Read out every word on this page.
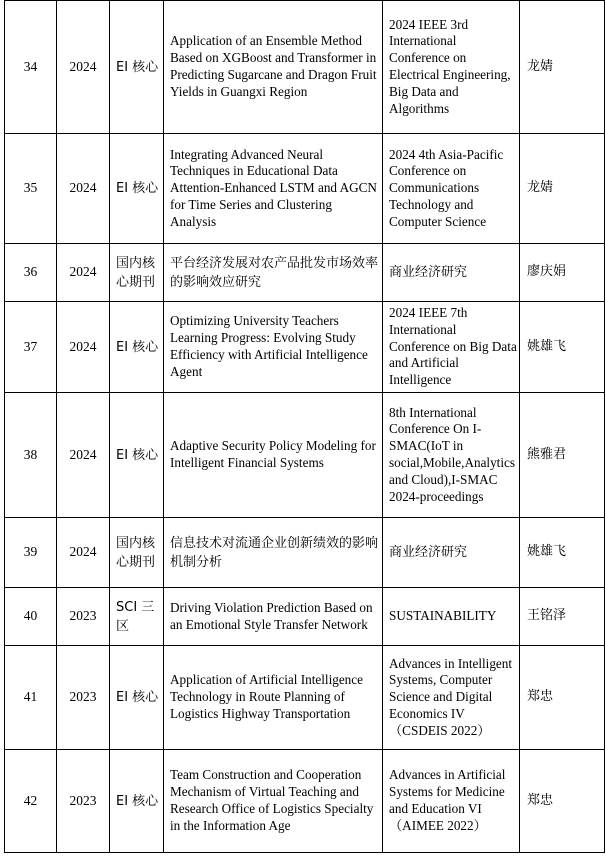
34	2024	EI 核心	Application of an Ensemble Method Based on XGBoost and Transformer in Predicting Sugarcane and Dragon Fruit Yields in Guangxi Region	2024 IEEE 3rd International Conference on Electrical Engineering, Big Data and Algorithms	龙婧
35	2024	EI 核心	Integrating Advanced Neural Techniques in Educational Data Attention-Enhanced LSTM and AGCN for Time Series and Clustering Analysis	2024 4th Asia-Pacific Conference on Communications Technology and Computer Science	龙婧
36	2024	国内核心期刊	平台经济发展对农产品批发市场效率的影响效应研究	商业经济研究	廖庆娟
37	2024	EI 核心	Optimizing University Teachers Learning Progress: Evolving Study Efficiency with Artificial Intelligence Agent	2024 IEEE 7th International Conference on Big Data and Artificial Intelligence	姚雄飞
38	2024	EI 核心	Adaptive Security Policy Modeling for Intelligent Financial Systems	8th International Conference On I-SMAC(IoT in social,Mobile,Analytics and Cloud),I-SMAC 2024-proceedings	熊雅君
39	2024	国内核心期刊	信息技术对流通企业创新绩效的影响机制分析	商业经济研究	姚雄飞
40	2023	SCI 三区	Driving Violation Prediction Based on an Emotional Style Transfer Network	SUSTAINABILITY	王铭泽
41	2023	EI 核心	Application of Artificial Intelligence Technology in Route Planning of Logistics Highway Transportation	Advances in Intelligent Systems, Computer Science and Digital Economics IV （CSDEIS 2022）	郑忠
42	2023	EI 核心	Team Construction and Cooperation Mechanism of Virtual Teaching and Research Office of Logistics Specialty in the Information Age	Advances in Artificial Systems for Medicine and Education VI （AIMEE 2022）	郑忠
